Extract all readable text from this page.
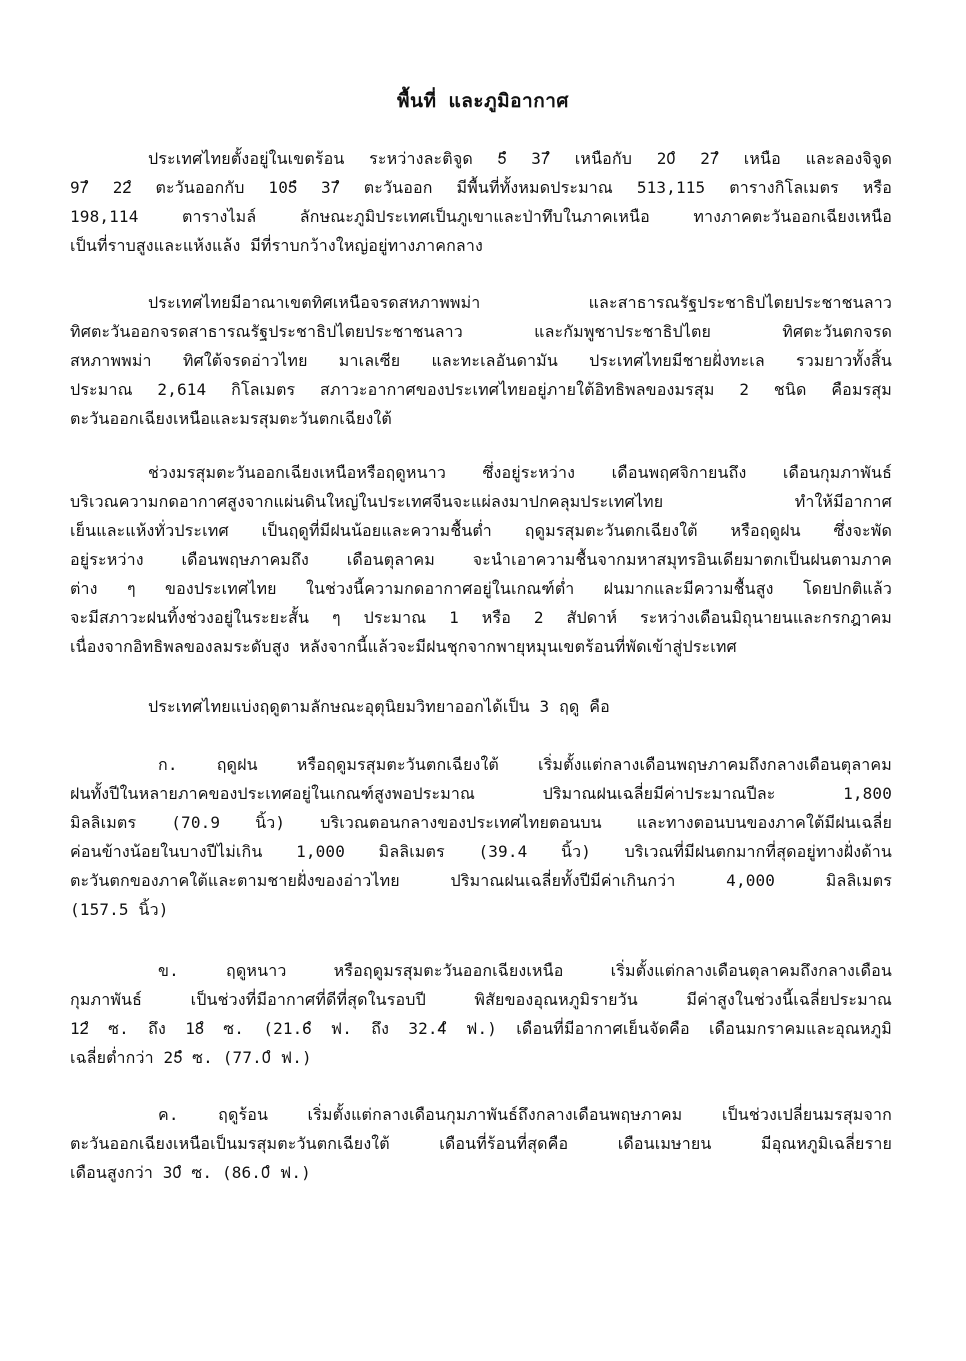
พื้นที่ และภูมิอากาศ
ประเทศไทยตั้งอยู่ในเขตร้อน ระหว่างละติจูด 5ํ 37ํ เหนือกับ 20ํ 27ํ เหนือ และลองจิจูด
97ํ 22ํ ตะวันออกกับ 105ํ 37ํ ตะวันออก มีพื้นที่ทั้งหมดประมาณ 513,115 ตารางกิโลเมตร หรือ
198,114 ตารางไมล์ ลักษณะภูมิประเทศเป็นภูเขาและป่าทึบในภาคเหนือ ทางภาคตะวันออกเฉียงเหนือ
เป็นที่ราบสูงและแห้งแล้ง มีที่ราบกว้างใหญ่อยู่ทางภาคกลาง
ประเทศไทยมีอาณาเขตทิศเหนือจรดสหภาพพม่า และสาธารณรัฐประชาธิปไตยประชาชนลาว
ทิศตะวันออกจรดสาธารณรัฐประชาธิปไตยประชาชนลาว และกัมพูชาประชาธิปไตย ทิศตะวันตกจรด
สหภาพพม่า ทิศใต้จรดอ่าวไทย มาเลเซีย และทะเลอันดามัน ประเทศไทยมีชายฝั่งทะเล รวมยาวทั้งสิ้น
ประมาณ 2,614 กิโลเมตร สภาวะอากาศของประเทศไทยอยู่ภายใต้อิทธิพลของมรสุม 2 ชนิด คือมรสุม
ตะวันออกเฉียงเหนือและมรสุมตะวันตกเฉียงใต้
ช่วงมรสุมตะวันออกเฉียงเหนือหรือฤดูหนาว ซึ่งอยู่ระหว่าง เดือนพฤศจิกายนถึง เดือนกุมภาพันธ์
บริเวณความกดอากาศสูงจากแผ่นดินใหญ่ในประเทศจีนจะแผ่ลงมาปกคลุมประเทศไทย ทำให้มีอากาศ
เย็นและแห้งทั่วประเทศ เป็นฤดูที่มีฝนน้อยและความชื้นต่ำ ฤดูมรสุมตะวันตกเฉียงใต้ หรือฤดูฝน ซึ่งจะพัด
อยู่ระหว่าง เดือนพฤษภาคมถึง เดือนตุลาคม จะนำเอาความชื้นจากมหาสมุทรอินเดียมาตกเป็นฝนตามภาค
ต่าง ๆ ของประเทศไทย ในช่วงนี้ความกดอากาศอยู่ในเกณฑ์ต่ำ ฝนมากและมีความชื้นสูง โดยปกติแล้ว
จะมีสภาวะฝนทิ้งช่วงอยู่ในระยะสั้น ๆ ประมาณ 1 หรือ 2 สัปดาห์ ระหว่างเดือนมิถุนายนและกรกฎาคม
เนื่องจากอิทธิพลของลมระดับสูง หลังจากนี้แล้วจะมีฝนชุกจากพายุหมุนเขตร้อนที่พัดเข้าสู่ประเทศ
ประเทศไทยแบ่งฤดูตามลักษณะอุตุนิยมวิทยาออกได้เป็น 3 ฤดู คือ
ก. ฤดูฝน หรือฤดูมรสุมตะวันตกเฉียงใต้ เริ่มตั้งแต่กลางเดือนพฤษภาคมถึงกลางเดือนตุลาคม
ฝนทั้งปีในหลายภาคของประเทศอยู่ในเกณฑ์สูงพอประมาณ ปริมาณฝนเฉลี่ยมีค่าประมาณปีละ 1,800
มิลลิเมตร (70.9 นิ้ว) บริเวณตอนกลางของประเทศไทยตอนบน และทางตอนบนของภาคใต้มีฝนเฉลี่ย
ค่อนข้างน้อยในบางปีไม่เกิน 1,000 มิลลิเมตร (39.4 นิ้ว) บริเวณที่มีฝนตกมากที่สุดอยู่ทางฝั่งด้าน
ตะวันตกของภาคใต้และตามชายฝั่งของอ่าวไทย ปริมาณฝนเฉลี่ยทั้งปีมีค่าเกินกว่า 4,000 มิลลิเมตร
(157.5 นิ้ว)
ข. ฤดูหนาว หรือฤดูมรสุมตะวันออกเฉียงเหนือ เริ่มตั้งแต่กลางเดือนตุลาคมถึงกลางเดือน
กุมภาพันธ์ เป็นช่วงที่มีอากาศที่ดีที่สุดในรอบปี พิสัยของอุณหภูมิรายวัน มีค่าสูงในช่วงนี้เฉลี่ยประมาณ
12ํ ซ. ถึง 18ํ ซ. (21.6ํ ฟ. ถึง 32.4ํ ฟ.) เดือนที่มีอากาศเย็นจัดคือ เดือนมกราคมและอุณหภูมิ
เฉลี่ยต่ำกว่า 25ํ ซ. (77.0ํ ฟ.)
ค. ฤดูร้อน เริ่มตั้งแต่กลางเดือนกุมภาพันธ์ถึงกลางเดือนพฤษภาคม เป็นช่วงเปลี่ยนมรสุมจาก
ตะวันออกเฉียงเหนือเป็นมรสุมตะวันตกเฉียงใต้ เดือนที่ร้อนที่สุดคือ เดือนเมษายน มีอุณหภูมิเฉลี่ยราย
เดือนสูงกว่า 30ํ ซ. (86.0ํ ฟ.)
